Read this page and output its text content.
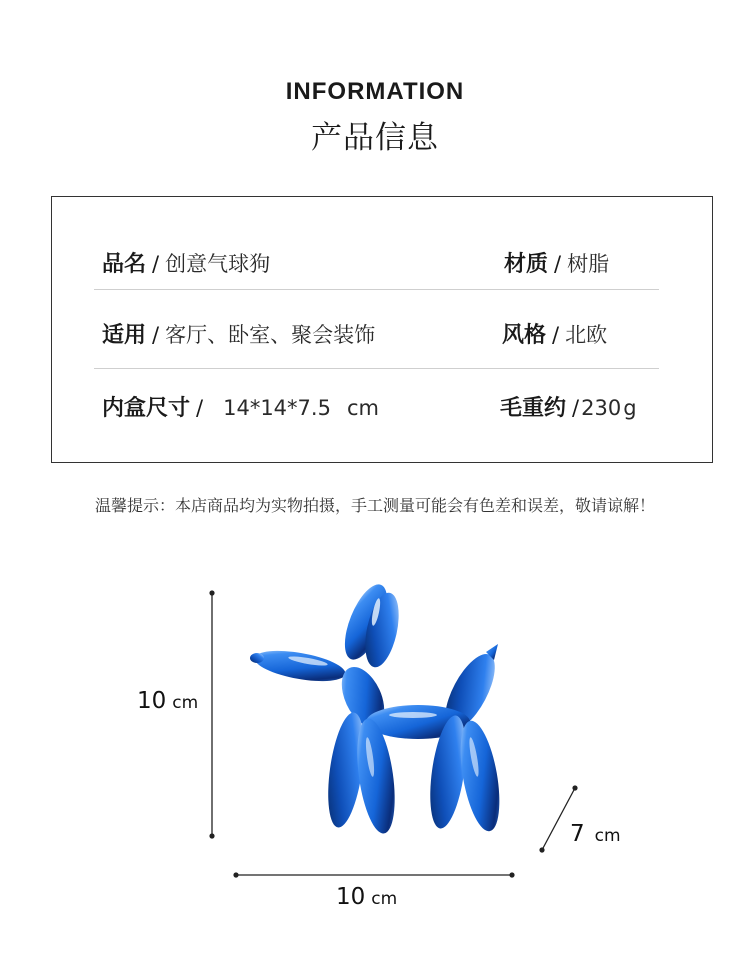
INFORMATION
产品信息
品名 / 创意气球狗	材质 / 树脂
适用 / 客厅、卧室、聚会装饰	风格 / 北欧
内盒尺寸 / 14*14*7.5 cm	毛重约 /230g
温馨提示：本店商品均为实物拍摄，手工测量可能会有色差和误差，敬请谅解！
10 cm
10 cm
7 cm
